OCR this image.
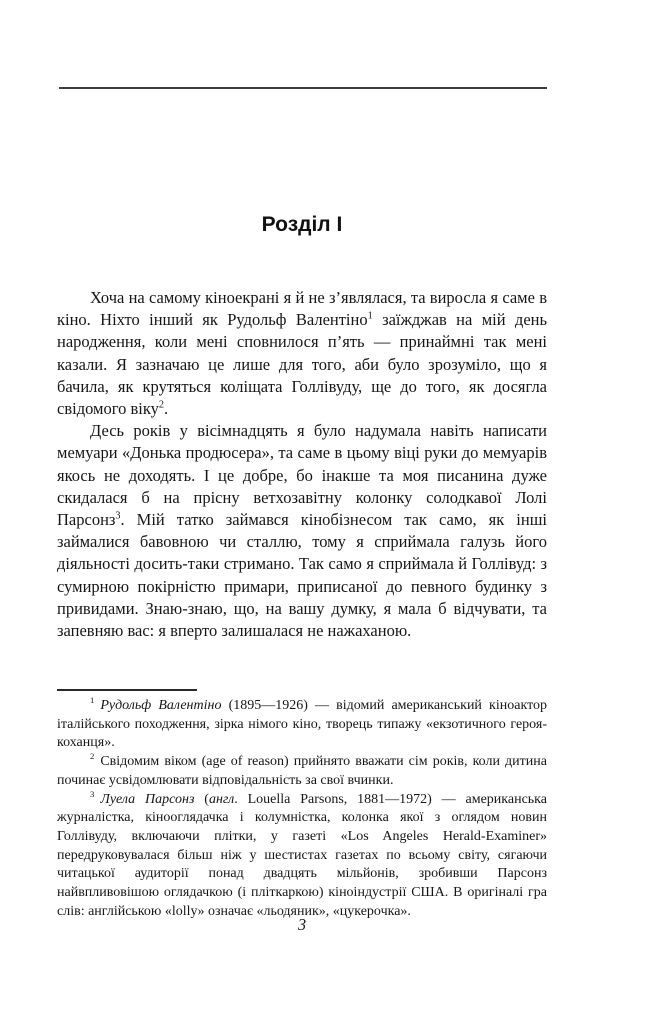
Розділ I

Хоча на самому кіноекрані я й не з’являлася, та виросла я саме в кіно. Ніхто інший як Рудольф Валентіно$^1$ заїжджав на мій день народження, коли мені сповнилося п’ять — принаймні так мені казали. Я зазначаю це лише для того, аби було зрозуміло, що я бачила, як крутяться коліщата Голлівуду, ще до того, як досягла свідомого віку$^2$.

Десь років у вісімнадцять я було надумала навіть написати мемуари «Донька продюсера», та саме в цьому віці руки до мемуарів якось не доходять. І це добре, бо інакше та моя писанина дуже скидалася б на прісну ветхозавітну колонку солодкавої Лолі Парсонз$^3$. Мій татко займався кінобізнесом так само, як інші займалися бавовною чи сталлю, тому я сприймала галузь його діяльності досить-таки стримано. Так само я сприймала й Голлівуд: з сумирною покірністю примари, приписаної до певного будинку з привидами. Знаю-знаю, що, на вашу думку, я мала б відчувати, та запевняю вас: я вперто залишалася не нажаханою.

$^1$ Рудольф Валентіно (1895—1926) — відомий американський кіноактор італійського походження, зірка німого кіно, творець типажу «екзотичного героя-коханця».

$^2$ Свідомим віком (age of reason) прийнято вважати сім років, коли дитина починає усвідомлювати відповідальність за свої вчинки.

$^3$ Луела Парсонз (англ. Louella Parsons, 1881—1972) — американська журналістка, кінооглядачка і колумністка, колонка якої з оглядом новин Голлівуду, включаючи плітки, у газеті «Los Angeles Herald-Examiner» передруковувалася більш ніж у шестистах газетах по всьому світу, сягаючи читацької аудиторії понад двадцять мільйонів, зробивши Парсонз найвпливовішою оглядачкою (і пліткаркою) кіноіндустрії США. В оригіналі гра слів: англійською «lolly» означає «льодяник», «цукерочка».

3
